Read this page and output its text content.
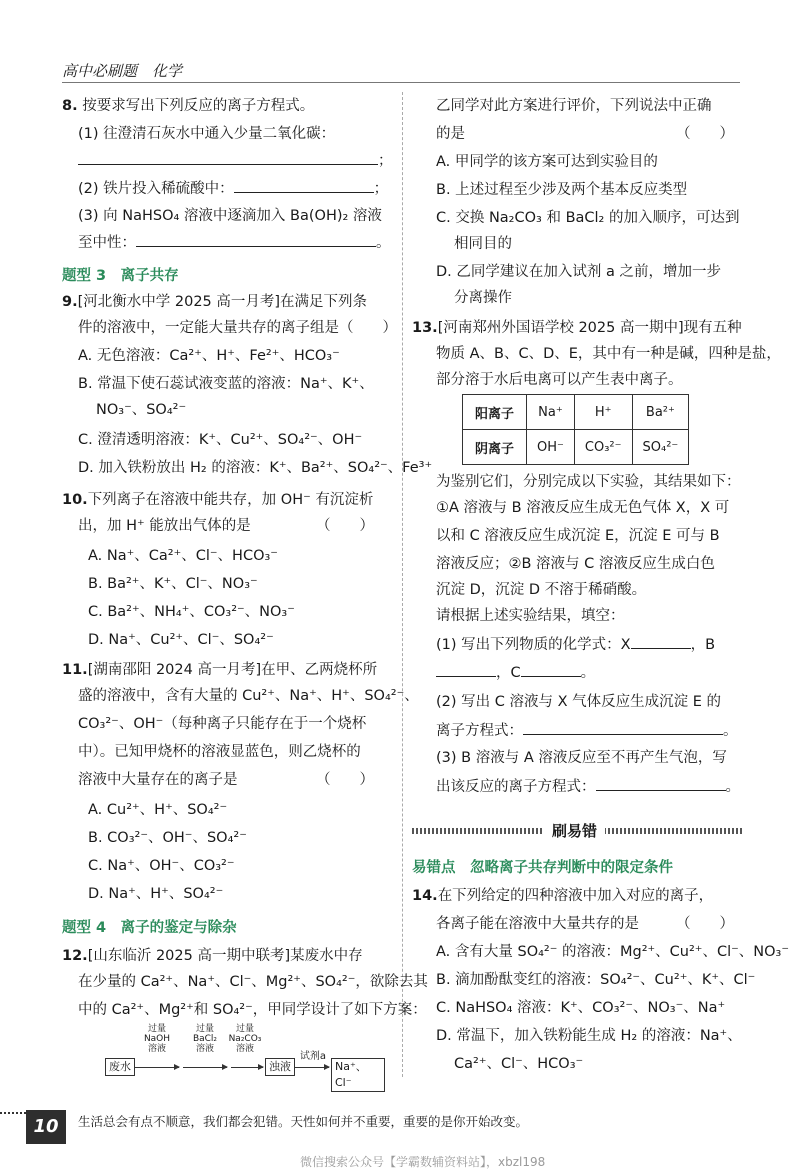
高中必刷题　化学
8. 按要求写出下列反应的离子方程式。
(1) 往澄清石灰水中通入少量二氧化碳：
；
(2) 铁片投入稀硫酸中：	；
(3) 向 NaHSO₄ 溶液中逐滴加入 Ba(OH)₂ 溶液
至中性：	。
题型 3　离子共存
9.[河北衡水中学 2025 高一月考]在满足下列条
件的溶液中，一定能大量共存的离子组是（　　）
A. 无色溶液：Ca²⁺、H⁺、Fe²⁺、HCO₃⁻
B. 常温下使石蕊试液变蓝的溶液：Na⁺、K⁺、
NO₃⁻、SO₄²⁻
C. 澄清透明溶液：K⁺、Cu²⁺、SO₄²⁻、OH⁻
D. 加入铁粉放出 H₂ 的溶液：K⁺、Ba²⁺、SO₄²⁻、Fe³⁺
10.下列离子在溶液中能共存，加 OH⁻ 有沉淀析
出，加 H⁺ 能放出气体的是	（　　）
A. Na⁺、Ca²⁺、Cl⁻、HCO₃⁻
B. Ba²⁺、K⁺、Cl⁻、NO₃⁻
C. Ba²⁺、NH₄⁺、CO₃²⁻、NO₃⁻
D. Na⁺、Cu²⁺、Cl⁻、SO₄²⁻
11.[湖南邵阳 2024 高一月考]在甲、乙两烧杯所
盛的溶液中，含有大量的 Cu²⁺、Na⁺、H⁺、SO₄²⁻、
CO₃²⁻、OH⁻（每种离子只能存在于一个烧杯
中）。已知甲烧杯的溶液显蓝色，则乙烧杯的
溶液中大量存在的离子是	（　　）
A. Cu²⁺、H⁺、SO₄²⁻
B. CO₃²⁻、OH⁻、SO₄²⁻
C. Na⁺、OH⁻、CO₃²⁻
D. Na⁺、H⁺、SO₄²⁻
题型 4　离子的鉴定与除杂
12.[山东临沂 2025 高一期中联考]某废水中存
在少量的 Ca²⁺、Na⁺、Cl⁻、Mg²⁺、SO₄²⁻，欲除去其
中的 Ca²⁺、Mg²⁺和 SO₄²⁻，甲同学设计了如下方案：
废水
过量
NaOH
溶液
过量
BaCl₂
溶液
过量
Na₂CO₃
溶液
浊液
试剂a
Na⁺、Cl⁻
乙同学对此方案进行评价，下列说法中正确
的是	（　　）
A. 甲同学的该方案可达到实验目的
B. 上述过程至少涉及两个基本反应类型
C. 交换 Na₂CO₃ 和 BaCl₂ 的加入顺序，可达到
相同目的
D. 乙同学建议在加入试剂 a 之前，增加一步
分离操作
13.[河南郑州外国语学校 2025 高一期中]现有五种
物质 A、B、C、D、E，其中有一种是碱，四种是盐，
部分溶于水后电离可以产生表中离子。
阳离子	Na⁺	H⁺	Ba²⁺
阴离子	OH⁻	CO₃²⁻	SO₄²⁻
为鉴别它们，分别完成以下实验，其结果如下：
①A 溶液与 B 溶液反应生成无色气体 X，X 可
以和 C 溶液反应生成沉淀 E，沉淀 E 可与 B
溶液反应；②B 溶液与 C 溶液反应生成白色
沉淀 D，沉淀 D 不溶于稀硝酸。
请根据上述实验结果，填空：
(1) 写出下列物质的化学式：X	，B
，C	。
(2) 写出 C 溶液与 X 气体反应生成沉淀 E 的
离子方程式：	。
(3) B 溶液与 A 溶液反应至不再产生气泡，写
出该反应的离子方程式：	。
刷易错
易错点　忽略离子共存判断中的限定条件
14.在下列给定的四种溶液中加入对应的离子，
各离子能在溶液中大量共存的是	（　　）
A. 含有大量 SO₄²⁻ 的溶液：Mg²⁺、Cu²⁺、Cl⁻、NO₃⁻
B. 滴加酚酞变红的溶液：SO₄²⁻、Cu²⁺、K⁺、Cl⁻
C. NaHSO₄ 溶液：K⁺、CO₃²⁻、NO₃⁻、Na⁺
D. 常温下，加入铁粉能生成 H₂ 的溶液：Na⁺、
Ca²⁺、Cl⁻、HCO₃⁻
10	生活总会有点不顺意，我们都会犯错。天性如何并不重要，重要的是你开始改变。
微信搜索公众号【学霸数辅资料站】，xbzl198
